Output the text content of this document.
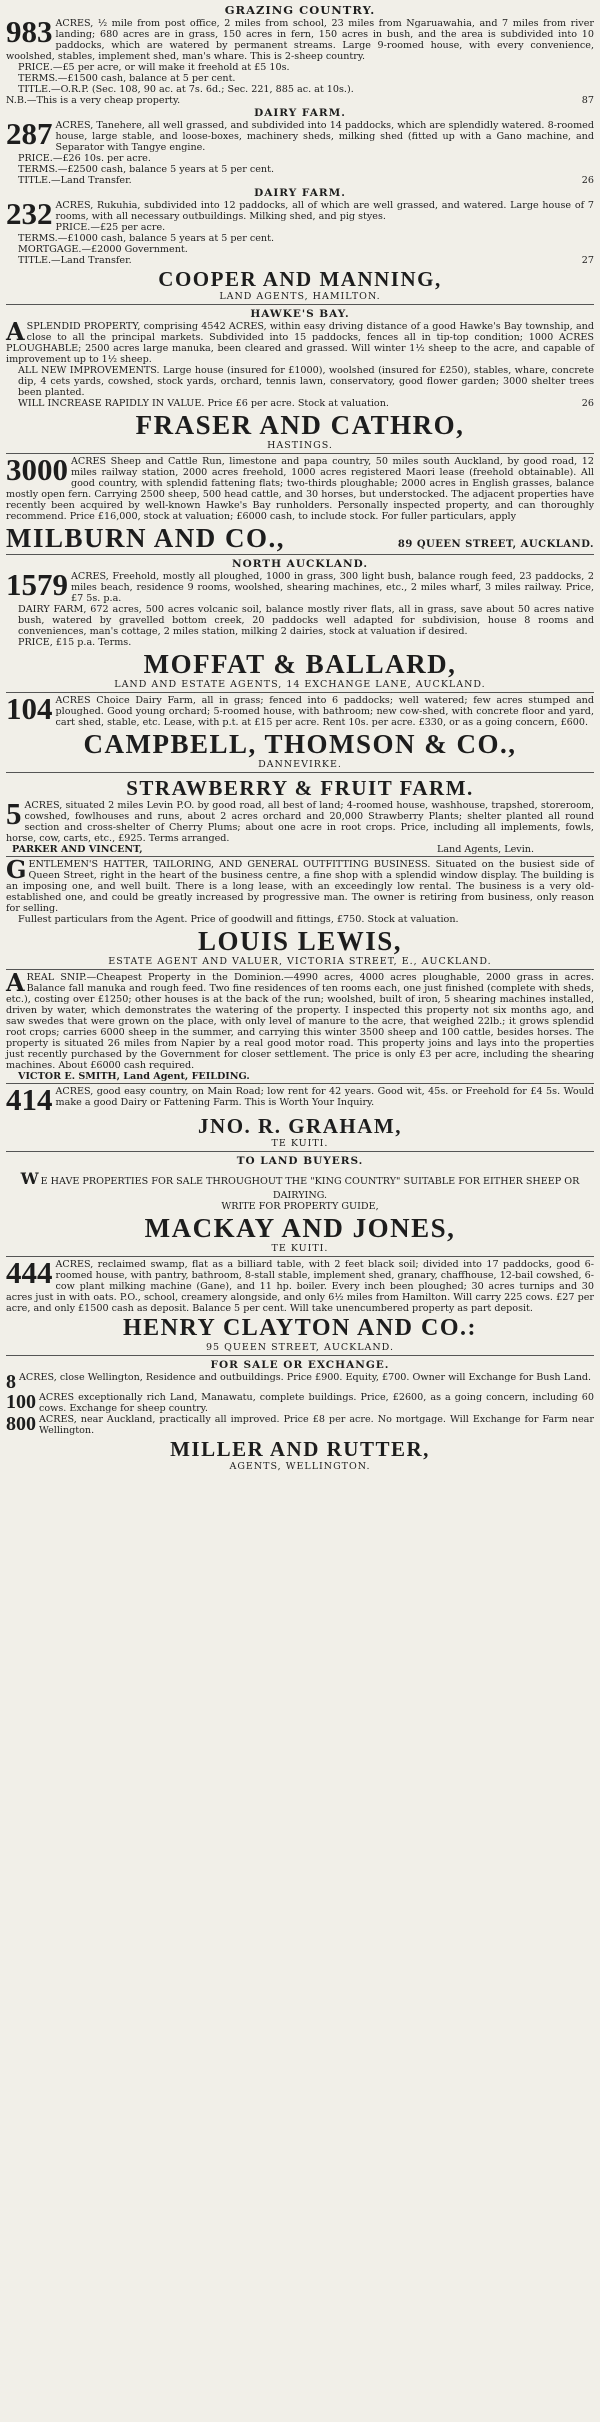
GRAZING COUNTRY.

983 ACRES, ½ mile from post office, 2 miles from school, 23 miles from Ngaruawahia, and 7 miles from river landing; 680 acres are in grass, 150 acres in fern, 150 acres in bush, and the area is subdivided into 10 paddocks, which are watered by permanent streams. Large 9-roomed house, with every convenience, woolshed, stables, implement shed, man's whare. This is 2-sheep country.
PRICE.—£5 per acre, or will make it freehold at £5 10s.
TERMS.—£1500 cash, balance at 5 per cent.
TITLE.—O.R.P. (Sec. 108, 90 ac. at 7s. 6d.; Sec. 221, 885 ac. at 10s.).
N.B.—This is a very cheap property.	87

DAIRY FARM.

287 ACRES, Tanehere, all well grassed, and subdivided into 14 paddocks, which are splendidly watered. 8-roomed house, large stable, and loose-boxes, machinery sheds, milking shed (fitted up with a Gano machine, and Separator with Tangye engine.
PRICE.—£26 10s. per acre.
TERMS.—£2500 cash, balance 5 years at 5 per cent.
TITLE.—Land Transfer.	26

DAIRY FARM.

232 ACRES, Rukuhia, subdivided into 12 paddocks, all of which are well grassed, and watered. Large house of 7 rooms, with all necessary outbuildings. Milking shed, and pig styes.
PRICE.—£25 per acre.
TERMS.—£1000 cash, balance 5 years at 5 per cent.
MORTGAGE.—£2000 Government.
TITLE.—Land Transfer.	27

COOPER AND MANNING,
LAND AGENTS, HAMILTON.
HAWKE'S BAY.

A SPLENDID PROPERTY, comprising 4542 ACRES, within easy driving distance of a good Hawke's Bay township, and close to all the principal markets. Subdivided into 15 paddocks, fences all in tip-top condition; 1000 ACRES PLOUGHABLE; 2500 acres large manuka, been cleared and grassed. Will winter 1½ sheep to the acre, and capable of improvement up to 1½ sheep.
ALL NEW IMPROVEMENTS. Large house (insured for £1000), woolshed (insured for £250), stables, whare, concrete dip, 4 cets yards, cowshed, stock yards, orchard, tennis lawn, conservatory, good flower garden; 3000 shelter trees been planted.
WILL INCREASE RAPIDLY IN VALUE. Price £6 per acre. Stock at valuation.	26

FRASER AND CATHRO,
HASTINGS.

3000 ACRES Sheep and Cattle Run, limestone and papa country, 50 miles south Auckland, by good road, 12 miles railway station, 2000 acres freehold, 1000 acres registered Maori lease (freehold obtainable). All good country, with splendid fattening flats; two-thirds ploughable; 2000 acres in English grasses, balance mostly open fern. Carrying 2500 sheep, 500 head cattle, and 30 horses, but understocked. The adjacent properties have recently been acquired by well-known Hawke's Bay runholders. Personally inspected property, and can thoroughly recommend. Price £16,000, stock at valuation; £6000 cash, to include stock. For fuller particulars, apply

MILBURN AND CO.,	89 QUEEN STREET, AUCKLAND.
NORTH AUCKLAND.

1579 ACRES, Freehold, mostly all ploughed, 1000 in grass, 300 light bush, balance rough feed, 23 paddocks, 2 miles beach, residence 9 rooms, woolshed, shearing machines, etc., 2 miles wharf, 3 miles railway. Price, £7 5s. p.a.
DAIRY FARM, 672 acres, 500 acres volcanic soil, balance mostly river flats, all in grass, save about 50 acres native bush, watered by gravelled bottom creek, 20 paddocks well adapted for subdivision, house 8 rooms and conveniences, man's cottage, 2 miles station, milking 2 dairies, stock at valuation if desired.
PRICE, £15 p.a. Terms.

MOFFAT & BALLARD,
LAND AND ESTATE AGENTS, 14 EXCHANGE LANE, AUCKLAND.

104 ACRES Choice Dairy Farm, all in grass; fenced into 6 paddocks; well watered; few acres stumped and ploughed. Good young orchard; 5-roomed house, with bathroom; new cow-shed, with concrete floor and yard, cart shed, stable, etc. Lease, with p.t. at £15 per acre. Rent 10s. per acre. £330, or as a going concern, £600.

CAMPBELL, THOMSON & CO.,
DANNEVIRKE.
STRAWBERRY & FRUIT FARM.

5 ACRES, situated 2 miles Levin P.O. by good road, all best of land; 4-roomed house, washhouse, trapshed, storeroom, cowshed, fowlhouses and runs, about 2 acres orchard and 20,000 Strawberry Plants; shelter planted all round section and cross-shelter of Cherry Plums; about one acre in root crops. Price, including all implements, fowls, horse, cow, carts, etc., £925. Terms arranged.

PARKER AND VINCENT,	Land Agents, Levin.

G ENTLEMEN'S HATTER, TAILORING, AND GENERAL OUTFITTING BUSINESS. Situated on the busiest side of Queen Street, right in the heart of the business centre, a fine shop with a splendid window display. The building is an imposing one, and well built. There is a long lease, with an exceedingly low rental. The business is a very old-established one, and could be greatly increased by progressive man. The owner is retiring from business, only reason for selling.
Fullest particulars from the Agent. Price of goodwill and fittings, £750. Stock at valuation.

LOUIS LEWIS,
ESTATE AGENT AND VALUER, VICTORIA STREET, E., AUCKLAND.

A REAL SNIP.—Cheapest Property in the Dominion.—4990 acres, 4000 acres ploughable, 2000 grass in acres. Balance fall manuka and rough feed. Two fine residences of ten rooms each, one just finished (complete with sheds, etc.), costing over £1250; other houses is at the back of the run; woolshed, built of iron, 5 shearing machines installed, driven by water, which demonstrates the watering of the property. I inspected this property not six months ago, and saw swedes that were grown on the place, with only level of manure to the acre, that weighed 22lb.; it grows splendid root crops; carries 6000 sheep in the summer, and carrying this winter 3500 sheep and 100 cattle, besides horses. The property is situated 26 miles from Napier by a real good motor road. This property joins and lays into the properties just recently purchased by the Government for closer settlement. The price is only £3 per acre, including the shearing machines. About £6000 cash required.
VICTOR E. SMITH, Land Agent, FEILDING.

414 ACRES, good easy country, on Main Road; low rent for 42 years. Good wit, 45s. or Freehold for £4 5s. Would make a good Dairy or Fattening Farm. This is Worth Your Inquiry.

JNO. R. GRAHAM,
TE KUITI.
TO LAND BUYERS.

W E HAVE PROPERTIES FOR SALE THROUGHOUT THE "KING COUNTRY" SUITABLE FOR EITHER SHEEP OR DAIRYING.
WRITE FOR PROPERTY GUIDE,

MACKAY AND JONES,
TE KUITI.

444 ACRES, reclaimed swamp, flat as a billiard table, with 2 feet black soil; divided into 17 paddocks, good 6-roomed house, with pantry, bathroom, 8-stall stable, implement shed, granary, chaffhouse, 12-bail cowshed, 6-cow plant milking machine (Gane), and 11 hp. boiler. Every inch been ploughed; 30 acres turnips and 30 acres just in with oats. P.O., school, creamery alongside, and only 6½ miles from Hamilton. Will carry 225 cows. £27 per acre, and only £1500 cash as deposit. Balance 5 per cent. Will take unencumbered property as part deposit.

HENRY CLAYTON AND CO.:
95 QUEEN STREET, AUCKLAND.
FOR SALE OR EXCHANGE.

8 ACRES, close Wellington, Residence and outbuildings. Price £900. Equity, £700. Owner will Exchange for Bush Land.

100 ACRES exceptionally rich Land, Manawatu, complete buildings. Price, £2600, as a going concern, including 60 cows. Exchange for sheep country.

800 ACRES, near Auckland, practically all improved. Price £8 per acre. No mortgage. Will Exchange for Farm near Wellington.

MILLER AND RUTTER,
AGENTS, WELLINGTON.
